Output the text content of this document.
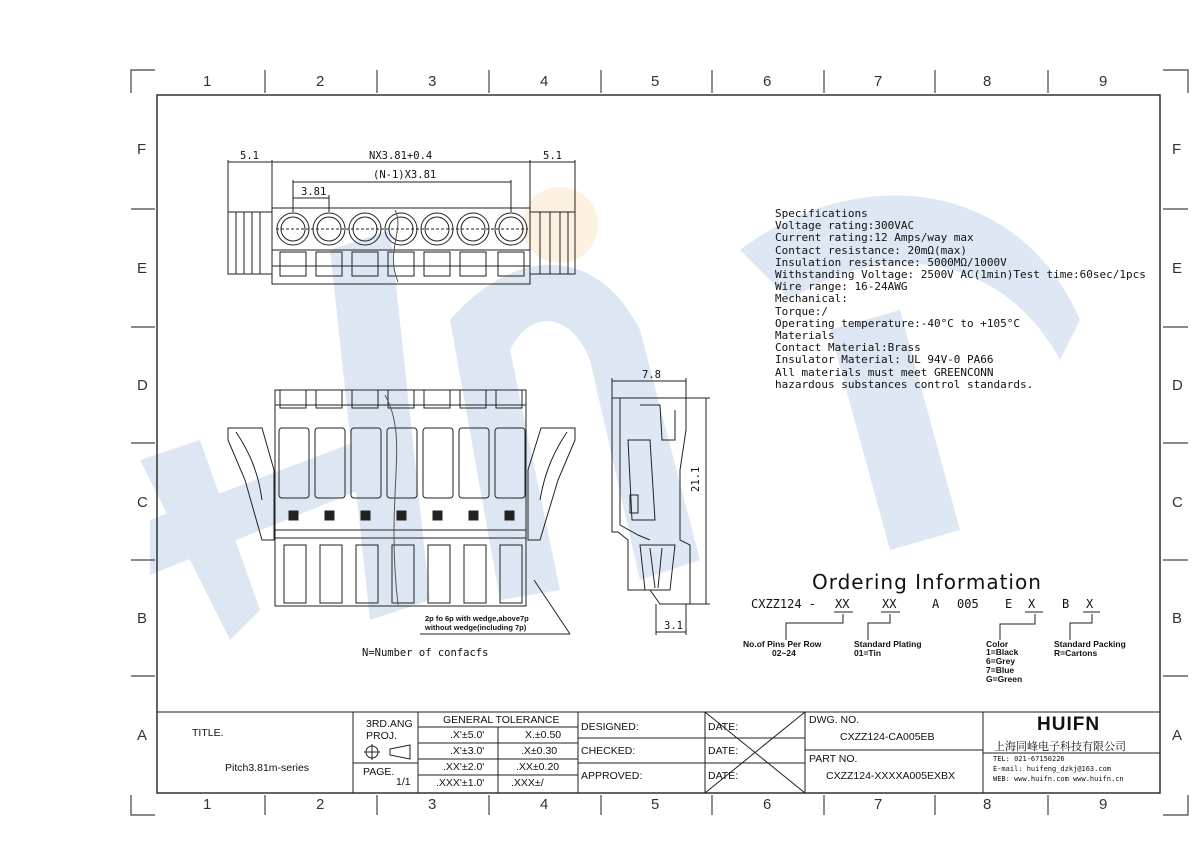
1	2	3	4	5	6	7	8	9
1	2	3	4	5	6	7	8	9
F
E
D
C
B
A
F
E
D
C
B
A
5.1	NX3.81+0.4	5.1
(N-1)X3.81
3.81
7.8
21.1
3.1
2p fo 6p with wedge,above7p
without wedge(including 7p)
N=Number of confacfs
Specifications
Voltage rating:300VAC
Current rating:12 Amps/way max
Contact resistance: 20mΩ(max)
Insulation resistance: 5000MΩ/1000V
Withstanding Voltage: 2500V AC(1min)Test time:60sec/1pcs
Wire range: 16-24AWG
Mechanical:
Torque:/
Operating temperature:-40°C to +105°C
Materials
Contact Material:Brass
Insulator Material: UL 94V-0 PA66
All materials must meet GREENCONN
hazardous substances control standards.
Ordering Information
CXZZ124 - XX	XX	A 005 E X B X
No.of Pins Per Row
02~24
Standard Plating
01=Tin
Color
1=Black
6=Grey
7=Blue
G=Green
Standard Packing
R=Cartons
TITLE.
Pitch3.81m-series
3RD.ANG
PROJ.
PAGE.
1/1
GENERAL TOLERANCE
.X'±5.0'	X.±0.50
.X'±3.0'	.X±0.30
.XX'±2.0'	.XX±0.20
.XXX'±1.0'	.XXX±/
DESIGNED:
CHECKED:
APPROVED:
DATE:
DATE:
DATE:
DWG. NO.
CXZZ124-CA005EB
PART NO.
CXZZ124-XXXXA005EXBX
HUIFN
上海同峰电子科技有限公司
TEL: 021-67150226
E-mail: huifeng_dzkj@163.com
WEB: www.huifn.com www.huifn.cn
